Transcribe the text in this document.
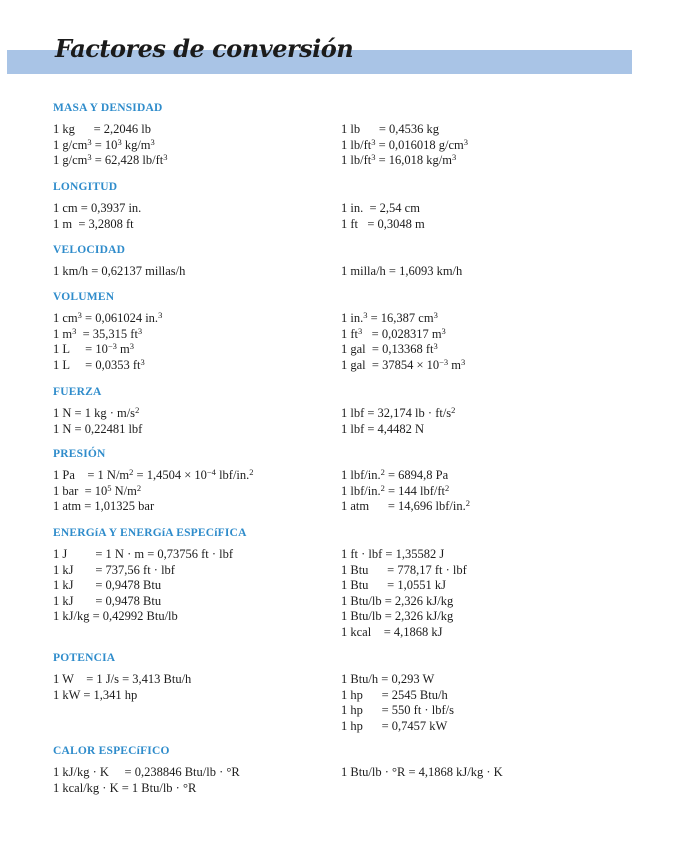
Factores de conversión
MASA Y DENSIDAD
1 kg      = 2,2046 lb
1 $g/cm^3 = 10^3$ $kg/m^3$
1 $g/cm^3 = 62,428$ $lb/ft^3$
1 lb      = 0,4536 kg
1 $lb/ft^3 = 0,016018$ $g/cm^3$
1 $lb/ft^3 = 16,018$ $kg/m^3$
LONGITUD
1 cm = 0,3937 in.
1 m  = 3,2808 ft
1 in.  = 2,54 cm
1 ft   = 0,3048 m
VELOCIDAD
1 km/h = 0,62137 millas/h	1 milla/h = 1,6093 km/h
VOLUMEN
1 $cm^3 = 0,061024$ in.$^3$
1 $m^3 = 35,315$ $ft^3$
1 L     = $10^{-3}$ $m^3$
1 L     = 0,0353 $ft^3$
1 in.$^3$ = 16,387 $cm^3$
1 $ft^3 = 0,028317$ $m^3$
1 gal  = 0,13368 $ft^3$
1 gal  = $37854 \times 10^{-3}$ $m^3$
FUERZA
1 N = 1 kg · $m/s^2$
1 N = 0,22481 lbf
1 lbf = 32,174 lb · $ft/s^2$
1 lbf = 4,4482 N
PRESIÓN
1 Pa    = 1 $N/m^2 = 1,4504 \times 10^{-4}$ lbf/in.$^2$
1 bar  = $10^5$ $N/m^2$
1 atm = 1,01325 bar
1 lbf/in.$^2$ = 6894,8 Pa
1 lbf/in.$^2$ = 144 lbf/$ft^2$
1 atm      = 14,696 lbf/in.$^2$
ENERGíA Y ENERGíA ESPECíFICA
1 J         = 1 N · m = 0,73756 ft · lbf
1 kJ       = 737,56 ft · lbf
1 kJ       = 0,9478 Btu
1 kJ       = 0,9478 Btu
1 kJ/kg = 0,42992 Btu/lb
1 ft · lbf = 1,35582 J
1 Btu      = 778,17 ft · lbf
1 Btu      = 1,0551 kJ
1 Btu/lb = 2,326 kJ/kg
1 Btu/lb = 2,326 kJ/kg
1 kcal    = 4,1868 kJ
POTENCIA
1 W    = 1 J/s = 3,413 Btu/h
1 kW = 1,341 hp
1 Btu/h = 0,293 W
1 hp      = 2545 Btu/h
1 hp      = 550 ft · lbf/s
1 hp      = 0,7457 kW
CALOR ESPECíFICO
1 kJ/kg · K     = 0,238846 Btu/lb · °R
1 kcal/kg · K = 1 Btu/lb · °R
1 Btu/lb · °R = 4,1868 kJ/kg · K
